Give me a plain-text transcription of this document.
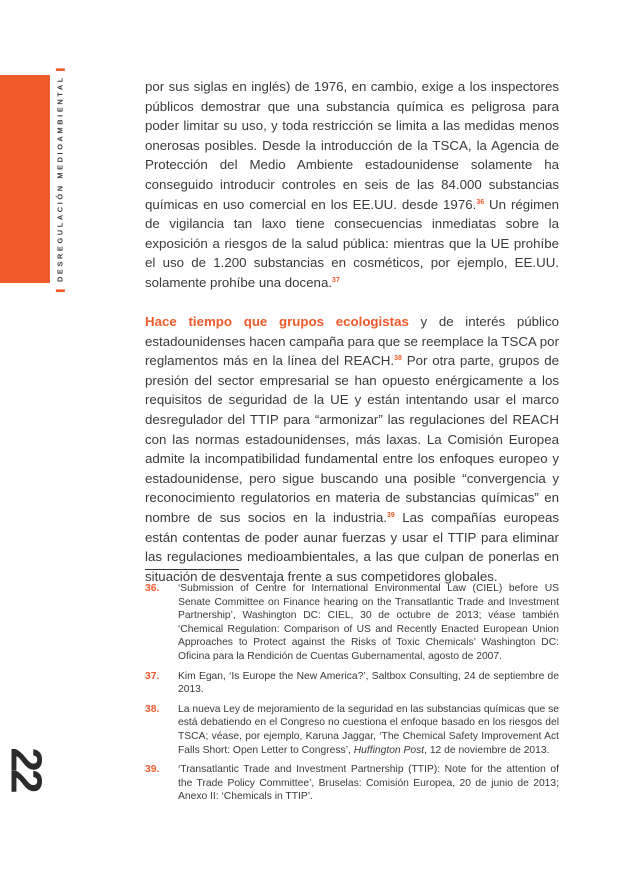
▌

DESREGULACIÓN MEDIOAMBIENTAL

▌
22

por sus siglas en inglés) de 1976, en cambio, exige a los inspectores públicos demostrar que una substancia química es peligrosa para poder limitar su uso, y toda restricción se limita a las medidas menos onerosas posibles. Desde la introducción de la TSCA, la Agencia de Protección del Medio Ambiente estadounidense solamente ha conseguido introducir controles en seis de las 84.000 substancias químicas en uso comercial en los EE.UU. desde 1976.36 Un régimen de vigilancia tan laxo tiene consecuencias inmediatas sobre la exposición a riesgos de la salud pública: mientras que la UE prohíbe el uso de 1.200 substancias en cosméticos, por ejemplo, EE.UU. solamente prohíbe una docena.$^{37}$

Hace tiempo que grupos ecologistas y de interés público estadounidenses hacen campaña para que se reemplace la TSCA por reglamentos más en la línea del REACH.$^{38}$ Por otra parte, grupos de presión del sector empresarial se han opuesto enérgicamente a los requisitos de seguridad de la UE y están intentando usar el marco desregulador del TTIP para “armonizar” las regulaciones del REACH con las normas estadounidenses, más laxas. La Comisión Europea admite la incompatibilidad fundamental entre los enfoques europeo y estadounidense, pero sigue buscando una posible “convergencia y reconocimiento regulatorios en materia de substancias químicas” en nombre de sus socios en la industria.$^{39}$ Las compañías europeas están contentas de poder aunar fuerzas y usar el TTIP para eliminar las regulaciones medioambientales, a las que culpan de ponerlas en situación de desventaja frente a sus competidores globales.

36.	‘Submission of Centre for International Environmental Law (CIEL) before US Senate Committee on Finance hearing on the Transatlantic Trade and Investment Partnership’, Washington DC: CIEL, 30 de octubre de 2013; véase también ‘Chemical Regulation: Comparison of US and Recently Enacted European Union Approaches to Protect against the Risks of Toxic Chemicals’ Washington DC: Oficina para la Rendición de Cuentas Gubernamental, agosto de 2007.
37.	Kim Egan, ‘Is Europe the New America?’, Saltbox Consulting, 24 de septiembre de 2013.
38.	La nueva Ley de mejoramiento de la seguridad en las substancias químicas que se está debatiendo en el Congreso no cuestiona el enfoque basado en los riesgos del TSCA; véase, por ejemplo, Karuna Jaggar, ‘The Chemical Safety Improvement Act Falls Short: Open Letter to Congress’, Huffington Post, 12 de noviembre de 2013.
39.	‘Transatlantic Trade and Investment Partnership (TTIP): Note for the attention of the Trade Policy Committee’, Bruselas: Comisión Europea, 20 de junio de 2013; Anexo II: ‘Chemicals in TTIP’.
